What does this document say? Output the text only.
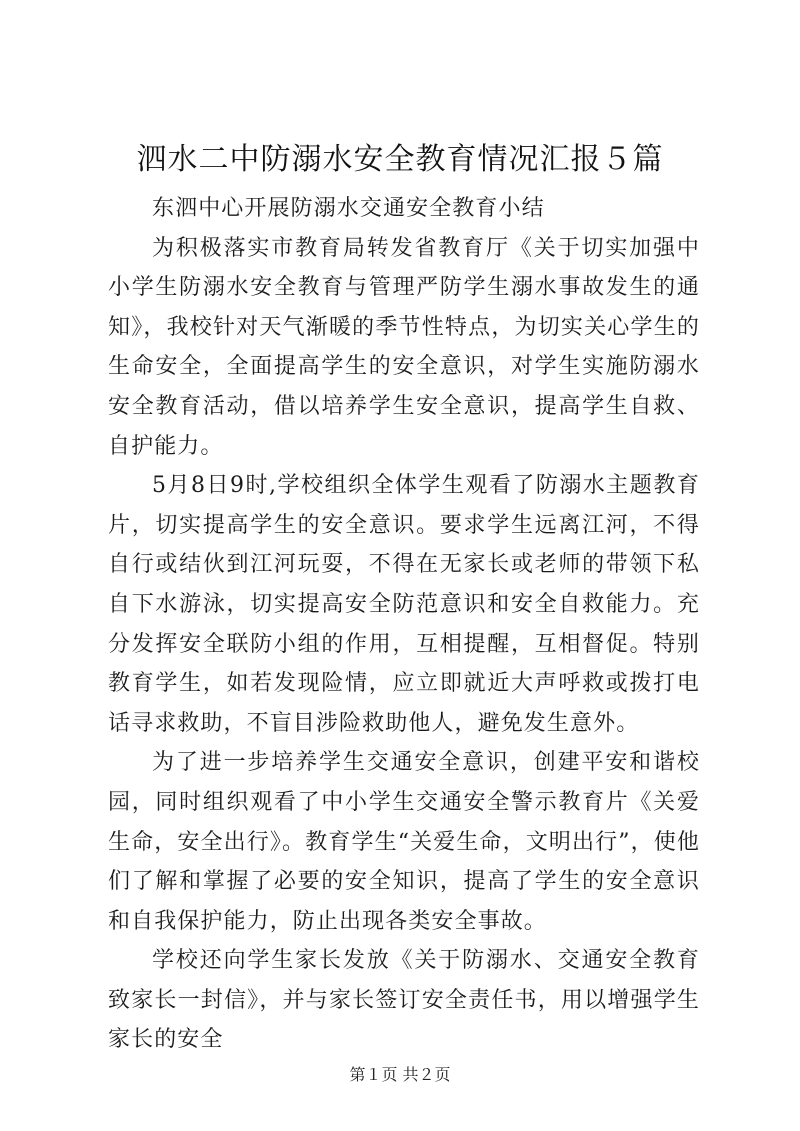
泗水二中防溺水安全教育情况汇报５篇

东泗中心开展防溺水交通安全教育小结

为积极落实市教育局转发省教育厅《关于切实加强中小学生防溺水安全教育与管理严防学生溺水事故发生的通知》，我校针对天气渐暖的季节性特点，为切实关心学生的生命安全，全面提高学生的安全意识，对学生实施防溺水安全教育活动，借以培养学生安全意识，提高学生自救、自护能力。

5月8日9时,学校组织全体学生观看了防溺水主题教育片，切实提高学生的安全意识。要求学生远离江河，不得自行或结伙到江河玩耍，不得在无家长或老师的带领下私自下水游泳，切实提高安全防范意识和安全自救能力。充分发挥安全联防小组的作用，互相提醒，互相督促。特别教育学生，如若发现险情，应立即就近大声呼救或拨打电话寻求救助，不盲目涉险救助他人，避免发生意外。

为了进一步培养学生交通安全意识，创建平安和谐校园，同时组织观看了中小学生交通安全警示教育片《关爱生命，安全出行》。教育学生“关爱生命，文明出行”，使他们了解和掌握了必要的安全知识，提高了学生的安全意识和自我保护能力，防止出现各类安全事故。

学校还向学生家长发放《关于防溺水、交通安全教育致家长一封信》，并与家长签订安全责任书，用以增强学生家长的安全

第１页 共２页
